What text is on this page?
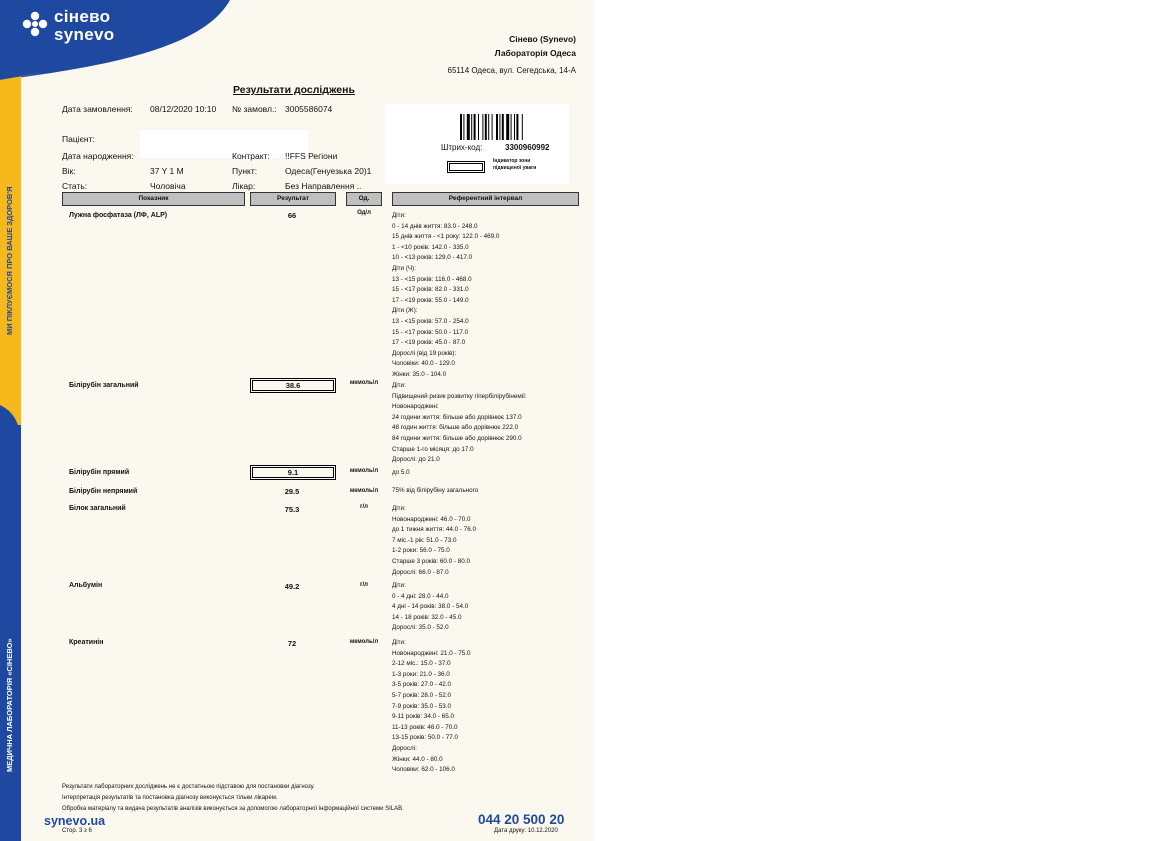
сінево
synevo
МИ ПІКЛУЄМОСЯ ПРО ВАШЕ ЗДОРОВ'Я
МЕДИЧНА ЛАБОРАТОРІЯ «СІНЕВО»
Сінево (Synevo)
Лабораторія Одеса
65114 Одеса, вул. Сегедська, 14-А
Результати досліджень
Дата замовлення: 08/12/2020 10:10 № замовл.: 3005586074
Пацієнт:
Дата народження:	Контракт: !!FFS Регіони
Вік:	37 Y 1 M	Пункт:	Одеса(Генуезька 20)1
Стать:	Чоловіча	Лікар:	Без Направлення ..
Штрих-код:	3300960992
Індикатор зони
підвищеної уваги
Показник	Результат	Од.	Референтний інтервал
Лужна фосфатаза (ЛФ, ALP)	66	Од/л	Діти:
0 - 14 днів життя: 83.0 - 248.0
15 днів життя - <1 року: 122.0 - 469.0
1 - <10 років: 142.0 - 335.0
10 - <13 років: 129.0 - 417.0
Діти (Ч):
13 - <15 років: 116.0 - 468.0
15 - <17 років: 82.0 - 331.0
17 - <19 років: 55.0 - 149.0
Діти (Ж):
13 - <15 років: 57.0 - 254.0
15 - <17 років: 50.0 - 117.0
17 - <19 років: 45.0 - 87.0
Дорослі (від 19 років):
Чоловіки: 40.0 - 129.0
Жінки: 35.0 - 104.0
Білірубін загальний	38.6	мкмоль/л	Діти:
Підвищений ризик розвитку гіпербілірубінемії:
Новонароджені:
24 години життя: більше або дорівнює 137.0
48 годин життя: більше або дорівнює 222.0
84 години життя: більше або дорівнює 290.0
Старше 1-го місяця: до 17.0
Дорослі: до 21.0
Білірубін прямий	9.1	мкмоль/л	до 5.0
Білірубін непрямий	29.5	мкмоль/л	75% від білірубіну загального
Білок загальний	75.3	г/л	Діти:
Новонароджені: 46.0 - 70.0
до 1 тижня життя: 44.0 - 76.0
7 міс.-1 рік: 51.0 - 73.0
1-2 роки: 56.0 - 75.0
Старше 3 років: 60.0 - 80.0
Дорослі: 66.0 - 87.0
Альбумін	49.2	г/л	Діти:
0 - 4 дні: 28.0 - 44.0
4 дні - 14 років: 38.0 - 54.0
14 - 18 років: 32.0 - 45.0
Дорослі: 35.0 - 52.0
Креатинін	72	мкмоль/л	Діти:
Новонароджені: 21.0 - 75.0
2-12 міс.: 15.0 - 37.0
1-3 роки: 21.0 - 36.0
3-5 років: 27.0 - 42.0
5-7 років: 28.0 - 52.0
7-9 років: 35.0 - 53.0
9-11 років: 34.0 - 65.0
11-13 років: 46.0 - 70.0
13-15 років: 50.0 - 77.0
Дорослі:
Жінки: 44.0 - 80.0
Чоловіки: 62.0 - 106.0
Результати лабораторних досліджень не є достатньою підставою для постановки діагнозу.
Інтерпретація результатів та постановка діагнозу виконується тільки лікарем.
Обробка матеріалу та видача результатів аналізів виконується за допомогою лабораторної інформаційної системи SILAB.
synevo.ua
Стор. 3 з 6
044 20 500 20
Дата друку: 10.12.2020
